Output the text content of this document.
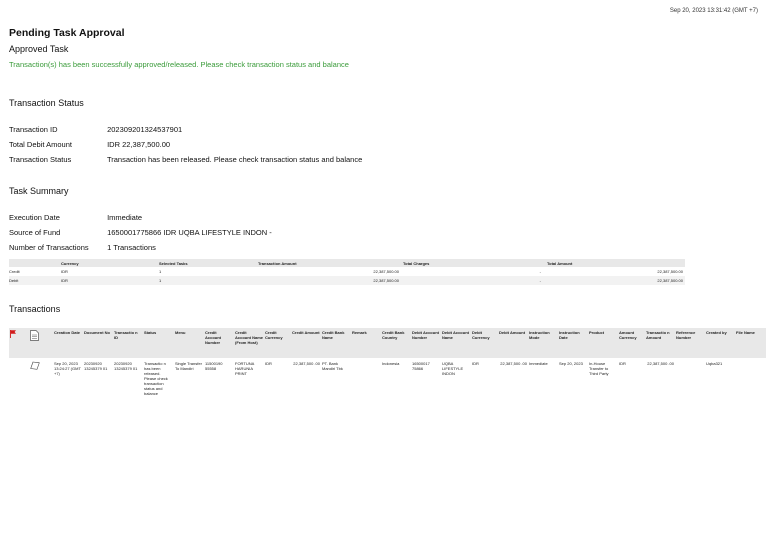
Sep 20, 2023 13:31:42 (GMT +7)
Pending Task Approval
Approved Task
Transaction(s) has been successfully approved/released. Please check transaction status and balance
Transaction Status
Transaction ID	202309201324537901
Total Debit Amount	IDR 22,387,500.00
Transaction Status	Transaction has been released. Please check transaction status and balance
Task Summary
Execution Date	Immediate
Source of Fund	1650001775866 IDR UQBA LIFESTYLE INDON -
Number of Transactions 1 Transactions
	Currency	Selected Tasks	Transaction Amount	Total Charges	Total Amount
Credit	IDR	1	22,387,500.00	-	22,387,500.00
Debit	IDR	1	22,387,500.00	-	22,387,500.00
Transactions
		Creation Date	Document No	Transactio n ID	Status	Menu	Credit Account Number	Credit Account Name (From Host)	Credit Currency	Credit Amount	Credit Bank Name	Remark	Credit Bank Country	Debit Account Number	Debit Account Name	Debit Currency	Debit Amount	Instruction Mode	Instruction Date	Product	Amount Currency	Transactio n Amount	Reference Number	Created by	File Name
		Sep 20, 2023 13:24:27 (GMT +7)	20230920 13245379 01	20230920 13245379 01	Transactio n has been released. Please check transaction status and balance	Single Transfer To Mandiri	11500190 55558	FORTUNA HARUNIA PRINT	IDR	22,387,500 .00	PT. Bank Mandiri Tbk		Indonesia	16500017 75866	UQBA LIFESTYLE INDON	IDR	22,387,500 .00	Immediate	Sep 20, 2023	In-House Transfer to Third Party	IDR	22,387,500 .00		Uqba321	
